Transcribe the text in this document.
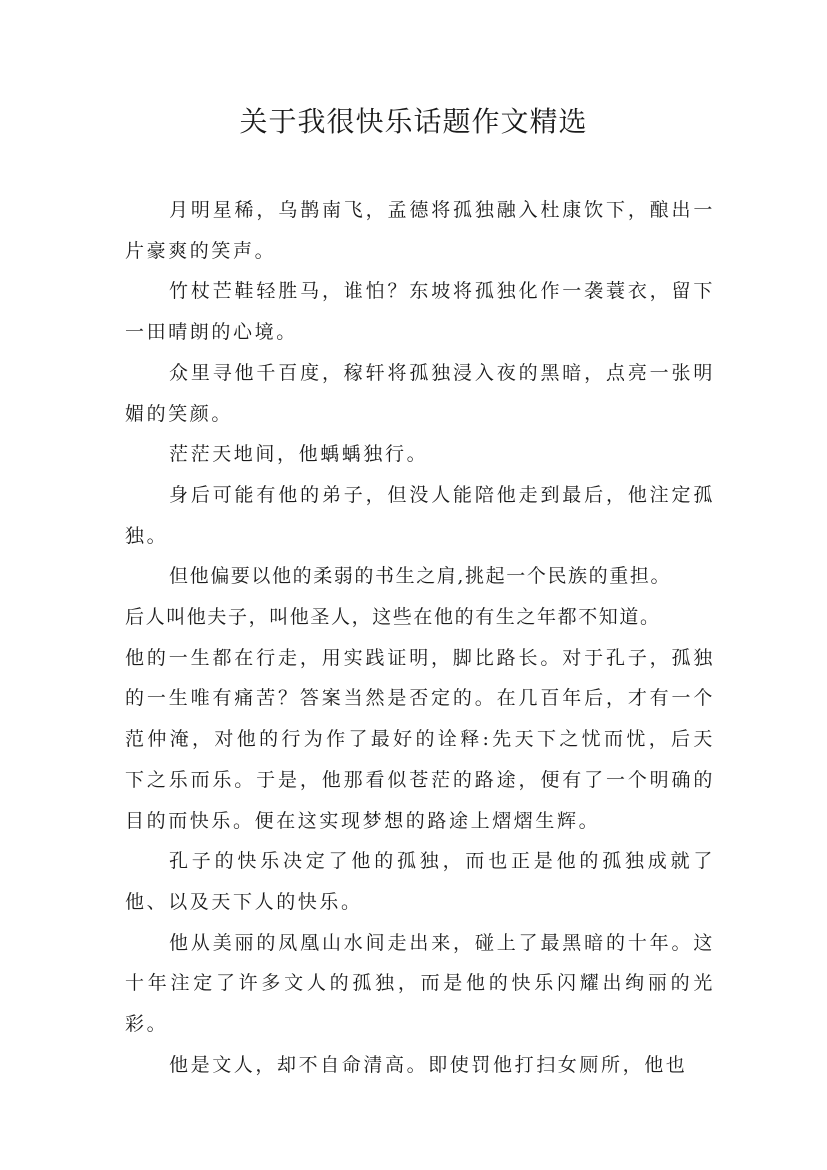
关于我很快乐话题作文精选

月明星稀，乌鹊南飞，孟德将孤独融入杜康饮下，酿出一片豪爽的笑声。

竹杖芒鞋轻胜马，谁怕？东坡将孤独化作一袭蓑衣，留下一田晴朗的心境。

众里寻他千百度，稼轩将孤独浸入夜的黑暗，点亮一张明媚的笑颜。

茫茫天地间，他蝺蝺独行。

身后可能有他的弟子，但没人能陪他走到最后，他注定孤独。

但他偏要以他的柔弱的书生之肩,挑起一个民族的重担。

后人叫他夫子，叫他圣人，这些在他的有生之年都不知道。

他的一生都在行走，用实践证明，脚比路长。对于孔子，孤独的一生唯有痛苦？答案当然是否定的。在几百年后，才有一个范仲淹，对他的行为作了最好的诠释:先天下之忧而忧，后天下之乐而乐。于是，他那看似苍茫的路途，便有了一个明确的目的而快乐。便在这实现梦想的路途上熠熠生辉。

孔子的快乐决定了他的孤独，而也正是他的孤独成就了他、以及天下人的快乐。

他从美丽的凤凰山水间走出来，碰上了最黑暗的十年。这十年注定了许多文人的孤独，而是他的快乐闪耀出绚丽的光彩。

他是文人，却不自命清高。即使罚他打扫女厕所，他也
